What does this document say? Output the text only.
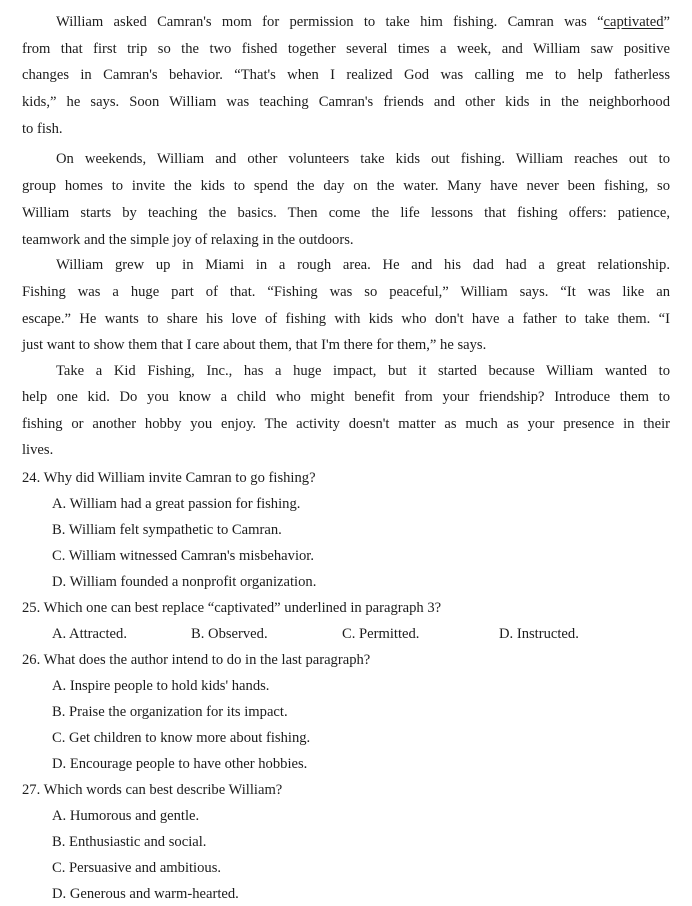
William asked Camran's mom for permission to take him fishing. Camran was “captivated”
from that first trip so the two fished together several times a week, and William saw positive
changes in Camran's behavior. “That's when I realized God was calling me to help fatherless
kids,” he says. Soon William was teaching Camran's friends and other kids in the neighborhood
to fish.
On weekends, William and other volunteers take kids out fishing. William reaches out to
group homes to invite the kids to spend the day on the water. Many have never been fishing, so
William starts by teaching the basics. Then come the life lessons that fishing offers: patience,
teamwork and the simple joy of relaxing in the outdoors.
William grew up in Miami in a rough area. He and his dad had a great relationship.
Fishing was a huge part of that. “Fishing was so peaceful,” William says. “It was like an
escape.” He wants to share his love of fishing with kids who don't have a father to take them. “I
just want to show them that I care about them, that I'm there for them,” he says.
Take a Kid Fishing, Inc., has a huge impact, but it started because William wanted to
help one kid. Do you know a child who might benefit from your friendship? Introduce them to
fishing or another hobby you enjoy. The activity doesn't matter as much as your presence in their
lives.
24. Why did William invite Camran to go fishing?
A. William had a great passion for fishing.
B. William felt sympathetic to Camran.
C. William witnessed Camran's misbehavior.
D. William founded a nonprofit organization.
25. Which one can best replace “captivated” underlined in paragraph 3?
A. Attracted.	B. Observed.	C. Permitted.	D. Instructed.
26. What does the author intend to do in the last paragraph?
A. Inspire people to hold kids' hands.
B. Praise the organization for its impact.
C. Get children to know more about fishing.
D. Encourage people to have other hobbies.
27. Which words can best describe William?
A. Humorous and gentle.
B. Enthusiastic and social.
C. Persuasive and ambitious.
D. Generous and warm-hearted.
